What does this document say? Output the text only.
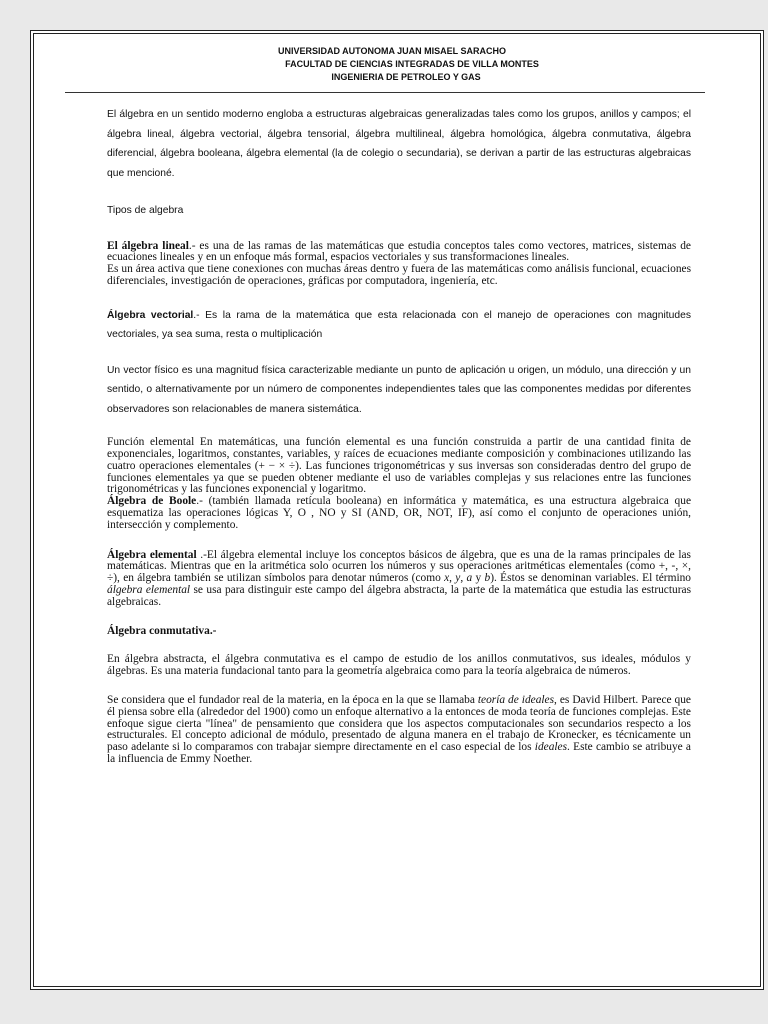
UNIVERSIDAD AUTONOMA JUAN MISAEL SARACHO
FACULTAD DE CIENCIAS INTEGRADAS DE VILLA MONTES
INGENIERIA DE PETROLEO Y GAS

El álgebra en un sentido moderno engloba a estructuras algebraicas generalizadas tales como los grupos, anillos y campos; el álgebra lineal, álgebra vectorial, álgebra tensorial, álgebra multilineal, álgebra homológica, álgebra conmutativa, álgebra diferencial, álgebra booleana, álgebra elemental (la de colegio o secundaria), se derivan a partir de las estructuras algebraicas que mencioné.

Tipos de algebra

El álgebra lineal.- es una de las ramas de las matemáticas que estudia conceptos tales como vectores, matrices, sistemas de ecuaciones lineales y en un enfoque más formal, espacios vectoriales y sus transformaciones lineales.

Es un área activa que tiene conexiones con muchas áreas dentro y fuera de las matemáticas como análisis funcional, ecuaciones diferenciales, investigación de operaciones, gráficas por computadora, ingeniería, etc.

Álgebra vectorial.- Es la rama de la matemática que esta relacionada con el manejo de operaciones con magnitudes vectoriales, ya sea suma, resta o multiplicación

Un vector físico es una magnitud física caracterizable mediante un punto de aplicación u origen, un módulo, una dirección y un sentido, o alternativamente por un número de componentes independientes tales que las componentes medidas por diferentes observadores son relacionables de manera sistemática.

Función elemental En matemáticas, una función elemental es una función construida a partir de una cantidad finita de exponenciales, logaritmos, constantes, variables, y raíces de ecuaciones mediante composición y combinaciones utilizando las cuatro operaciones elementales (+ − × ÷). Las funciones trigonométricas y sus inversas son consideradas dentro del grupo de funciones elementales ya que se pueden obtener mediante el uso de variables complejas y sus relaciones entre las funciones trigonométricas y las funciones exponencial y logaritmo.

Álgebra de Boole.- (también llamada retícula booleana) en informática y matemática, es una estructura algebraica que esquematiza las operaciones lógicas Y, O , NO y SI (AND, OR, NOT, IF), así como el conjunto de operaciones unión, intersección y complemento.

Álgebra elemental .-El álgebra elemental incluye los conceptos básicos de álgebra, que es una de la ramas principales de las matemáticas. Mientras que en la aritmética solo ocurren los números y sus operaciones aritméticas elementales (como +, -, ×, ÷), en álgebra también se utilizan símbolos para denotar números (como x, y, a y b). Éstos se denominan variables. El término álgebra elemental se usa para distinguir este campo del álgebra abstracta, la parte de la matemática que estudia las estructuras algebraicas.

Álgebra conmutativa.-

En álgebra abstracta, el álgebra conmutativa es el campo de estudio de los anillos conmutativos, sus ideales, módulos y álgebras. Es una materia fundacional tanto para la geometría algebraica como para la teoría algebraica de números.

Se considera que el fundador real de la materia, en la época en la que se llamaba teoría de ideales, es David Hilbert. Parece que él piensa sobre ella (alrededor del 1900) como un enfoque alternativo a la entonces de moda teoría de funciones complejas. Este enfoque sigue cierta "línea" de pensamiento que considera que los aspectos computacionales son secundarios respecto a los estructurales. El concepto adicional de módulo, presentado de alguna manera en el trabajo de Kronecker, es técnicamente un paso adelante si lo comparamos con trabajar siempre directamente en el caso especial de los ideales. Este cambio se atribuye a la influencia de Emmy Noether.
